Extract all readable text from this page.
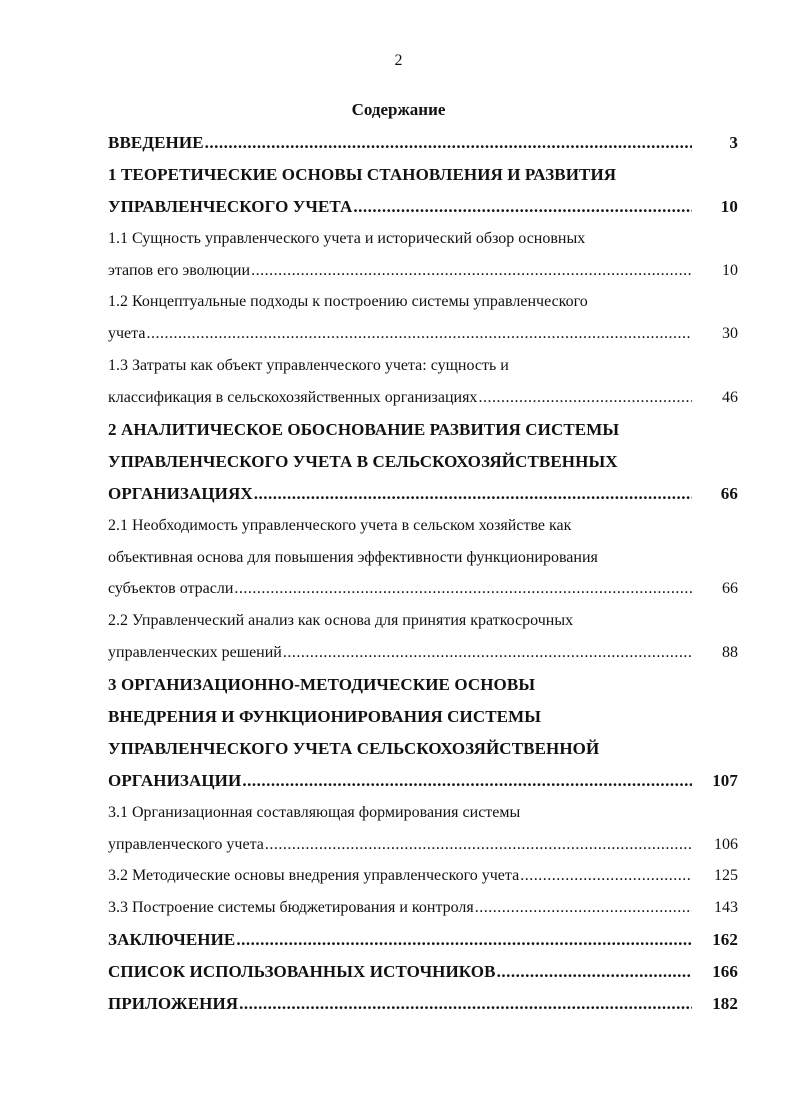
2
Содержание
ВВЕДЕНИЕ .....	3
1 ТЕОРЕТИЧЕСКИЕ ОСНОВЫ СТАНОВЛЕНИЯ И РАЗВИТИЯ
УПРАВЛЕНЧЕСКОГО УЧЕТА .....	10
1.1 Сущность управленческого учета и исторический обзор основных
этапов его эволюции .....	10
1.2 Концептуальные подходы к построению системы управленческого
учета .....	30
1.3 Затраты как объект управленческого учета: сущность и
классификация в сельскохозяйственных организациях .....	46
2 АНАЛИТИЧЕСКОЕ ОБОСНОВАНИЕ РАЗВИТИЯ СИСТЕМЫ
УПРАВЛЕНЧЕСКОГО УЧЕТА В СЕЛЬСКОХОЗЯЙСТВЕННЫХ
ОРГАНИЗАЦИЯХ .....	66
2.1 Необходимость управленческого учета в сельском хозяйстве как
объективная основа для повышения эффективности функционирования
субъектов отрасли .....	66
2.2 Управленческий анализ как основа для принятия краткосрочных
управленческих решений .....	88
3 ОРГАНИЗАЦИОННО-МЕТОДИЧЕСКИЕ ОСНОВЫ
ВНЕДРЕНИЯ И ФУНКЦИОНИРОВАНИЯ СИСТЕМЫ
УПРАВЛЕНЧЕСКОГО УЧЕТА СЕЛЬСКОХОЗЯЙСТВЕННОЙ
ОРГАНИЗАЦИИ .....	107
3.1 Организационная составляющая формирования системы
управленческого учета .....	106
3.2 Методические основы внедрения управленческого учета .....	125
3.3 Построение системы бюджетирования и контроля .....	143
ЗАКЛЮЧЕНИЕ .....	162
СПИСОК ИСПОЛЬЗОВАННЫХ ИСТОЧНИКОВ .....	166
ПРИЛОЖЕНИЯ .....	182
